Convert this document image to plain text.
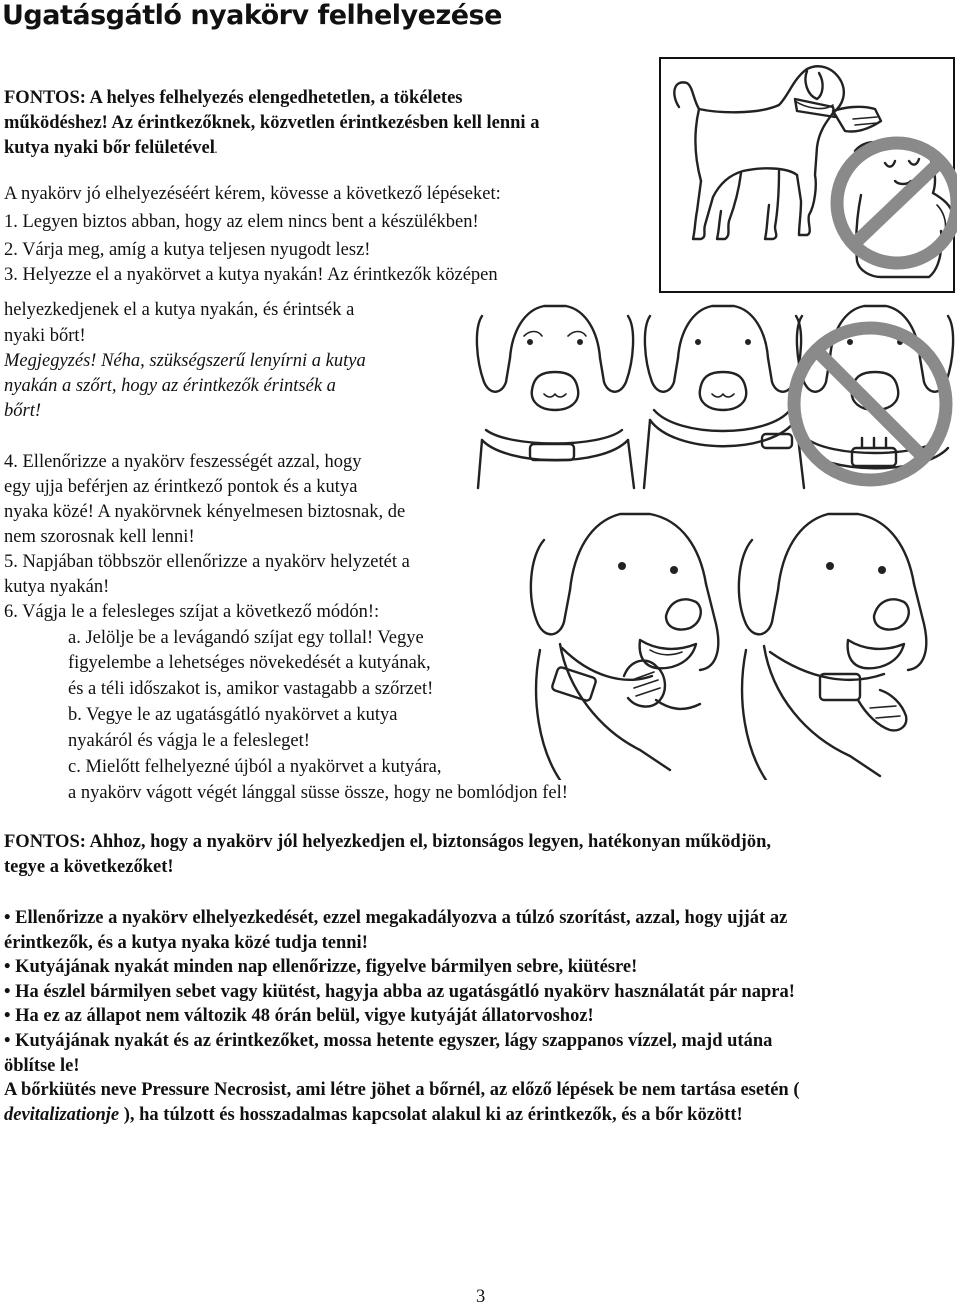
Ugatásgátló nyakörv felhelyezése
FONTOS: A helyes felhelyezés elengedhetetlen, a tökéletes
működéshez! Az érintkezőknek, közvetlen érintkezésben kell lenni a
kutya nyaki bőr felületével.
A nyakörv jó elhelyezéséért kérem, kövesse a következő lépéseket:
1. Legyen biztos abban, hogy az elem nincs bent a készülékben!
2. Várja meg, amíg a kutya teljesen nyugodt lesz!
3. Helyezze el a nyakörvet a kutya nyakán! Az érintkezők középen
helyezkedjenek el a kutya nyakán, és érintsék a
nyaki bőrt!
Megjegyzés! Néha, szükségszerű lenyírni a kutya
nyakán a szőrt, hogy az érintkezők érintsék a
bőrt!
4. Ellenőrizze a nyakörv feszességét azzal, hogy
egy ujja beférjen az érintkező pontok és a kutya
nyaka közé! A nyakörvnek kényelmesen biztosnak, de
nem szorosnak kell lenni!
5. Napjában többször ellenőrizze a nyakörv helyzetét a
kutya nyakán!
6. Vágja le a felesleges szíjat a következő módón!:
a. Jelölje be a levágandó szíjat egy tollal! Vegye
figyelembe a lehetséges növekedését a kutyának,
és a téli időszakot is, amikor vastagabb a szőrzet!
b. Vegye le az ugatásgátló nyakörvet a kutya
nyakáról és vágja le a felesleget!
c. Mielőtt felhelyezné újból a nyakörvet a kutyára,
a nyakörv vágott végét lánggal süsse össze, hogy ne bomlódjon fel!
FONTOS: Ahhoz, hogy a nyakörv jól helyezkedjen el, biztonságos legyen, hatékonyan működjön,
tegye a következőket!
• Ellenőrizze a nyakörv elhelyezkedését, ezzel megakadályozva a túlzó szorítást, azzal, hogy ujját az
érintkezők, és a kutya nyaka közé tudja tenni!
• Kutyájának nyakát minden nap ellenőrizze, figyelve bármilyen sebre, kiütésre!
• Ha észlel bármilyen sebet vagy kiütést, hagyja abba az ugatásgátló nyakörv használatát pár napra!
• Ha ez az állapot nem változik 48 órán belül, vigye kutyáját állatorvoshoz!
• Kutyájának nyakát és az érintkezőket, mossa hetente egyszer, lágy szappanos vízzel, majd utána
öblítse le!
A bőrkiütés neve Pressure Necrosist, ami létre jöhet a bőrnél, az előző lépések be nem tartása esetén (
devitalizationje ), ha túlzott és hosszadalmas kapcsolat alakul ki az érintkezők, és a bőr között!
3
